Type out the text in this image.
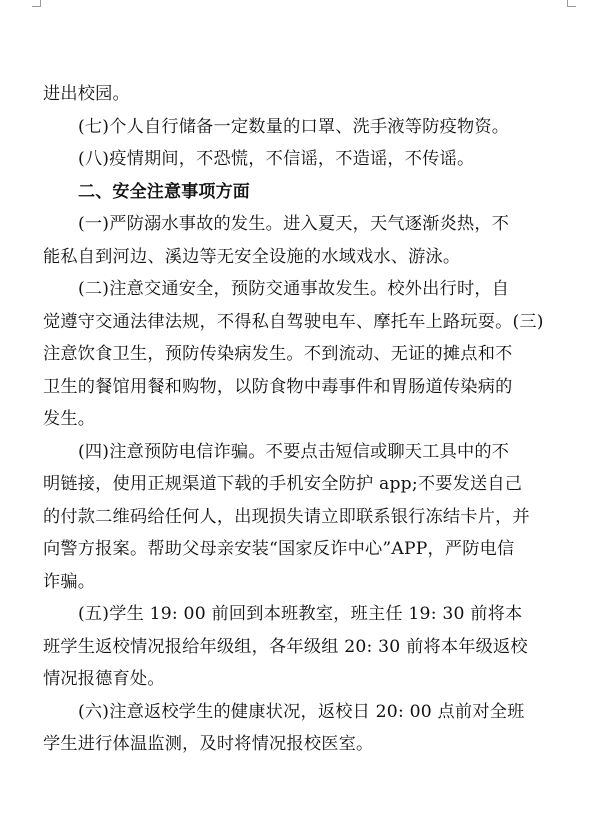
进出校园。
(七)个人自行储备一定数量的口罩、洗手液等防疫物资。
(八)疫情期间，不恐慌，不信谣，不造谣，不传谣。
二、安全注意事项方面
(一)严防溺水事故的发生。进入夏天，天气逐渐炎热，不
能私自到河边、溪边等无安全设施的水域戏水、游泳。
(二)注意交通安全，预防交通事故发生。校外出行时，自
觉遵守交通法律法规，不得私自驾驶电车、摩托车上路玩耍。(三)
注意饮食卫生，预防传染病发生。不到流动、无证的摊点和不
卫生的餐馆用餐和购物，以防食物中毒事件和胃肠道传染病的
发生。
(四)注意预防电信诈骗。不要点击短信或聊天工具中的不
明链接，使用正规渠道下载的手机安全防护 app;不要发送自己
的付款二维码给任何人，出现损失请立即联系银行冻结卡片，并
向警方报案。帮助父母亲安装“国家反诈中心”APP，严防电信
诈骗。
(五)学生 19: 00 前回到本班教室，班主任 19: 30 前将本
班学生返校情况报给年级组，各年级组 20: 30 前将本年级返校
情况报德育处。
(六)注意返校学生的健康状况，返校日 20: 00 点前对全班
学生进行体温监测，及时将情况报校医室。
